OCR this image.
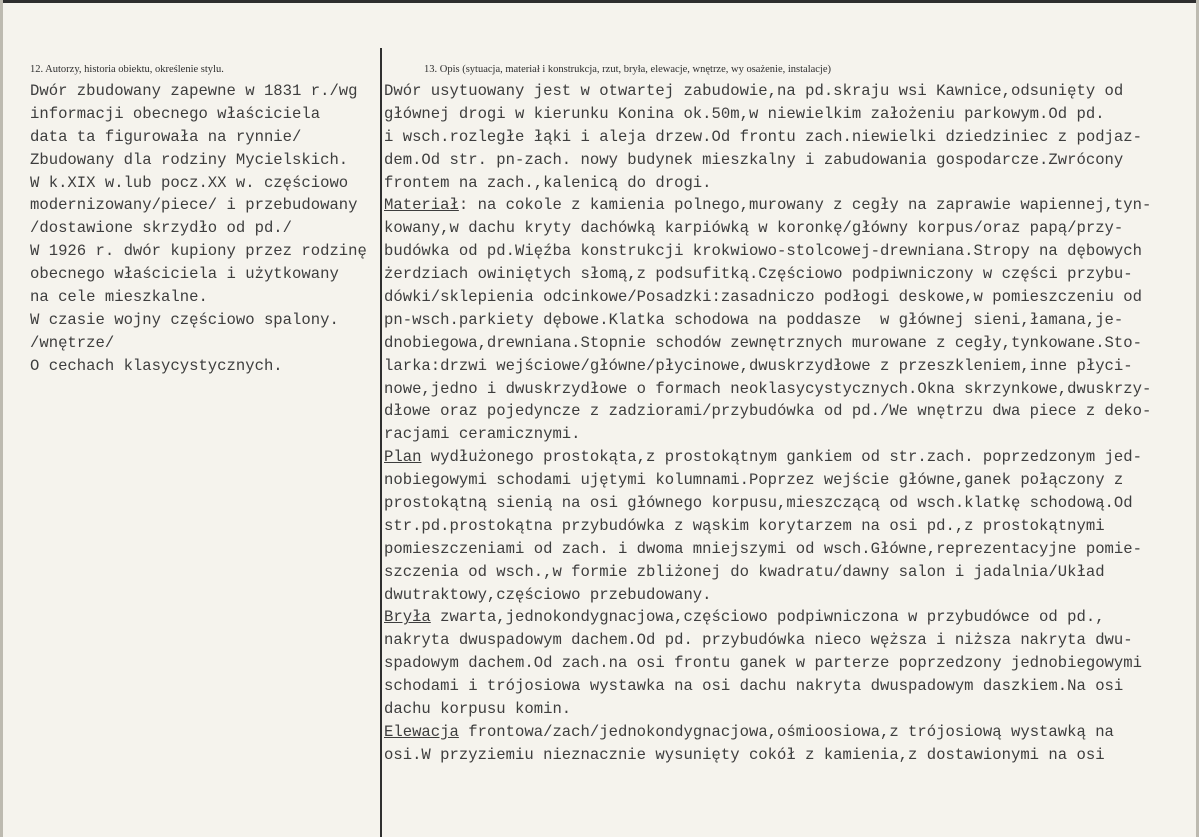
12. Autorzy, historia obiektu, określenie stylu.	13. Opis (sytuacja, materiał i konstrukcja, rzut, bryła, elewacje, wnętrze, wy osażenie, instalacje)
Dwór zbudowany zapewne w 1831 r./wg
informacji obecnego właściciela
data ta figurowała na rynnie/
Zbudowany dla rodziny Mycielskich.
W k.XIX w.lub pocz.XX w. częściowo
modernizowany/piece/ i przebudowany
/dostawione skrzydło od pd./
W 1926 r. dwór kupiony przez rodzinę
obecnego właściciela i użytkowany
na cele mieszkalne.
W czasie wojny częściowo spalony.
/wnętrze/
O cechach klasycystycznych.
Dwór usytuowany jest w otwartej zabudowie,na pd.skraju wsi Kawnice,odsunięty od
głównej drogi w kierunku Konina ok.50m,w niewielkim założeniu parkowym.Od pd.
i wsch.rozległe łąki i aleja drzew.Od frontu zach.niewielki dziedziniec z podjaz-
dem.Od str. pn-zach. nowy budynek mieszkalny i zabudowania gospodarcze.Zwrócony
frontem na zach.,kalenicą do drogi.
Materiał: na cokole z kamienia polnego,murowany z cegły na zaprawie wapiennej,tyn-
kowany,w dachu kryty dachówką karpiówką w koronkę/główny korpus/oraz papą/przy-
budówka od pd.Więźba konstrukcji krokwiowo-stolcowej-drewniana.Stropy na dębowych
żerdziach owiniętych słomą,z podsufitką.Częściowo podpiwniczony w części przybu-
dówki/sklepienia odcinkowe/Posadzki:zasadniczo podłogi deskowe,w pomieszczeniu od
pn-wsch.parkiety dębowe.Klatka schodowa na poddasze  w głównej sieni,łamana,je-
dnobiegowa,drewniana.Stopnie schodów zewnętrznych murowane z cegły,tynkowane.Sto-
larka:drzwi wejściowe/główne/płycinowe,dwuskrzydłowe z przeszkleniem,inne płyci-
nowe,jedno i dwuskrzydłowe o formach neoklasycystycznych.Okna skrzynkowe,dwuskrzy-
dłowe oraz pojedyncze z zadziorami/przybudówka od pd./We wnętrzu dwa piece z deko-
racjami ceramicznymi.
Plan wydłużonego prostokąta,z prostokątnym gankiem od str.zach. poprzedzonym jed-
nobiegowymi schodami ujętymi kolumnami.Poprzez wejście główne,ganek połączony z
prostokątną sienią na osi głównego korpusu,mieszczącą od wsch.klatkę schodową.Od
str.pd.prostokątna przybudówka z wąskim korytarzem na osi pd.,z prostokątnymi
pomieszczeniami od zach. i dwoma mniejszymi od wsch.Główne,reprezentacyjne pomie-
szczenia od wsch.,w formie zbliżonej do kwadratu/dawny salon i jadalnia/Układ
dwutraktowy,częściowo przebudowany.
Bryła zwarta,jednokondygnacjowa,częściowo podpiwniczona w przybudówce od pd.,
nakryta dwuspadowym dachem.Od pd. przybudówka nieco węższa i niższa nakryta dwu-
spadowym dachem.Od zach.na osi frontu ganek w parterze poprzedzony jednobiegowymi
schodami i trójosiowa wystawka na osi dachu nakryta dwuspadowym daszkiem.Na osi
dachu korpusu komin.
Elewacja frontowa/zach/jednokondygnacjowa,ośmioosiowa,z trójosiową wystawką na
osi.W przyziemiu nieznacznie wysunięty cokół z kamienia,z dostawionymi na osi
